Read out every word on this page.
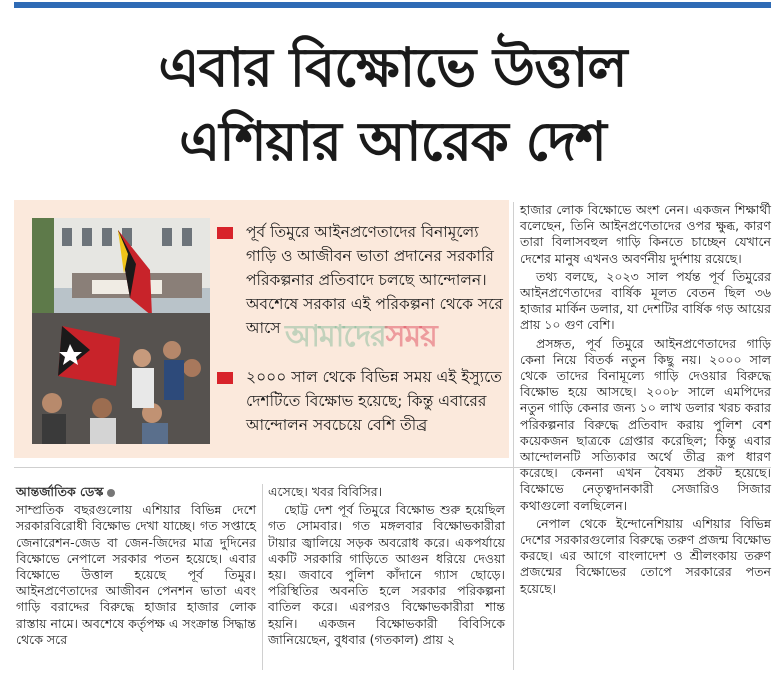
এবার বিক্ষোভে উত্তাল
এশিয়ার আরেক দেশ
পূর্ব তিমুরে আইনপ্রণেতাদের বিনামূল্যে গাড়ি ও আজীবন ভাতা প্রদানের সরকারি পরিকল্পনার প্রতিবাদে চলছে আন্দোলন। অবশেষে সরকার এই পরিকল্পনা থেকে সরে আসে
২০০০ সাল থেকে বিভিন্ন সময় এই ইস্যুতে দেশটিতে বিক্ষোভ হয়েছে; কিন্তু এবারের আন্দোলন সবচেয়ে বেশি তীব্র
আমাদেরসময়

আন্তর্জাতিক ডেস্ক

সাম্প্রতিক বছরগুলোয় এশিয়ার বিভিন্ন দেশে সরকারবিরোধী বিক্ষোভ দেখা যাচ্ছে। গত সপ্তাহে জেনারেশন-জেড বা জেন-জিদের মাত্র দুদিনের বিক্ষোভে নেপালে সরকার পতন হয়েছে। এবার বিক্ষোভে উত্তাল হয়েছে পূর্ব তিমুর। আইনপ্রণেতাদের আজীবন পেনশন ভাতা এবং গাড়ি বরাদ্দের বিরুদ্ধে হাজার হাজার লোক রাস্তায় নামে। অবশেষে কর্তৃপক্ষ এ সংক্রান্ত সিদ্ধান্ত থেকে সরে

এসেছে। খবর বিবিসির।

ছোট্ট দেশ পূর্ব তিমুরে বিক্ষোভ শুরু হয়েছিল গত সোমবার। গত মঙ্গলবার বিক্ষোভকারীরা টায়ার জ্বালিয়ে সড়ক অবরোধ করে। একপর্যায়ে একটি সরকারি গাড়িতে আগুন ধরিয়ে দেওয়া হয়। জবাবে পুলিশ কাঁদানে গ্যাস ছোড়ে। পরিস্থিতির অবনতি হলে সরকার পরিকল্পনা বাতিল করে। এরপরও বিক্ষোভকারীরা শান্ত হয়নি। একজন বিক্ষোভকারী বিবিসিকে জানিয়েছেন, বুধবার (গতকাল) প্রায় ২

হাজার লোক বিক্ষোভে অংশ নেন। একজন শিক্ষার্থী বলেছেন, তিনি আইনপ্রণেতাদের ওপর ক্ষুব্ধ, কারণ তারা বিলাসবহুল গাড়ি কিনতে চাচ্ছেন যেখানে দেশের মানুষ এখনও অবর্ণনীয় দুর্দশায় রয়েছে।

তথ্য বলছে, ২০২৩ সাল পর্যন্ত পূর্ব তিমুরের আইনপ্রণেতাদের বার্ষিক মূলত বেতন ছিল ৩৬ হাজার মার্কিন ডলার, যা দেশটির বার্ষিক গড় আয়ের প্রায় ১০ গুণ বেশি।

প্রসঙ্গত, পূর্ব তিমুরে আইনপ্রণেতাদের গাড়ি কেনা নিয়ে বিতর্ক নতুন কিছু নয়। ২০০০ সাল থেকে তাদের বিনামূল্যে গাড়ি দেওয়ার বিরুদ্ধে বিক্ষোভ হয়ে আসছে। ২০০৮ সালে এমপিদের নতুন গাড়ি কেনার জন্য ১০ লাখ ডলার খরচ করার পরিকল্পনার বিরুদ্ধে প্রতিবাদ করায় পুলিশ বেশ কয়েকজন ছাত্রকে গ্রেপ্তার করেছিল; কিন্তু এবার আন্দোলনটি সত্যিকার অর্থে তীব্র রূপ ধারণ করেছে। কেননা এখন বৈষম্য প্রকট হয়েছে। বিক্ষোভে নেতৃত্বদানকারী সেজারিও সিজার কথাগুলো বলছিলেন।

নেপাল থেকে ইন্দোনেশিয়ায় এশিয়ার বিভিন্ন দেশের সরকারগুলোর বিরুদ্ধে তরুণ প্রজন্ম বিক্ষোভ করছে। এর আগে বাংলাদেশ ও শ্রীলংকায় তরুণ প্রজন্মের বিক্ষোভের তোপে সরকারের পতন হয়েছে।
